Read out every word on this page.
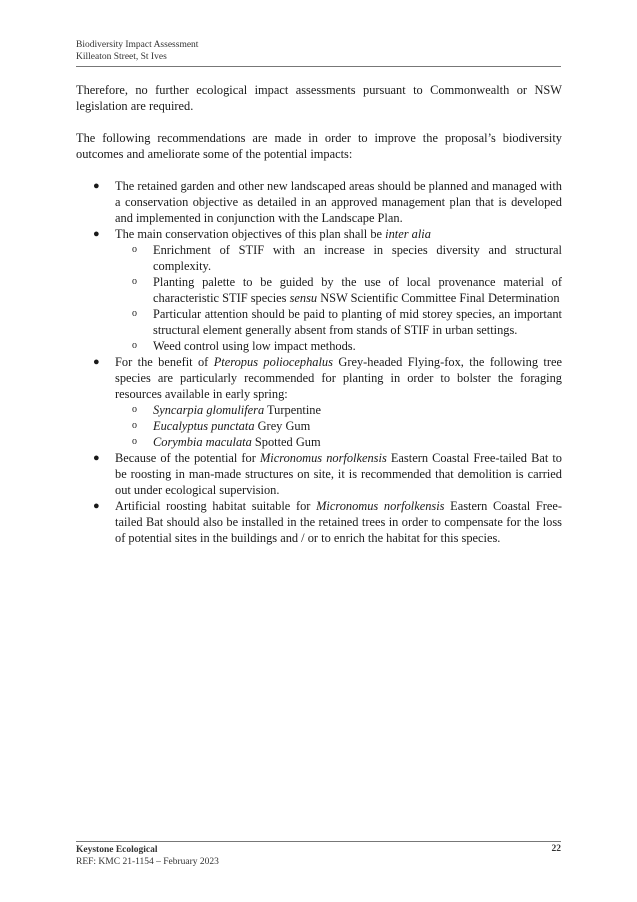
Biodiversity Impact Assessment
Killeaton Street, St Ives

Therefore, no further ecological impact assessments pursuant to Commonwealth or NSW legislation are required.

The following recommendations are made in order to improve the proposal’s biodiversity outcomes and ameliorate some of the potential impacts:

● The retained garden and other new landscaped areas should be planned and managed with a conservation objective as detailed in an approved management plan that is developed and implemented in conjunction with the Landscape Plan.
● The main conservation objectives of this plan shall be inter alia
o Enrichment of STIF with an increase in species diversity and structural complexity.
o Planting palette to be guided by the use of local provenance material of characteristic STIF species sensu NSW Scientific Committee Final Determination
o Particular attention should be paid to planting of mid storey species, an important structural element generally absent from stands of STIF in urban settings.
o Weed control using low impact methods.
● For the benefit of Pteropus poliocephalus Grey-headed Flying-fox, the following tree species are particularly recommended for planting in order to bolster the foraging resources available in early spring:
o Syncarpia glomulifera Turpentine
o Eucalyptus punctata Grey Gum
o Corymbia maculata Spotted Gum
● Because of the potential for Micronomus norfolkensis Eastern Coastal Free-tailed Bat to be roosting in man-made structures on site, it is recommended that demolition is carried out under ecological supervision.
● Artificial roosting habitat suitable for Micronomus norfolkensis Eastern Coastal Free-tailed Bat should also be installed in the retained trees in order to compensate for the loss of potential sites in the buildings and / or to enrich the habitat for this species.
Keystone Ecological
REF: KMC 21-1154 – February 2023
22
